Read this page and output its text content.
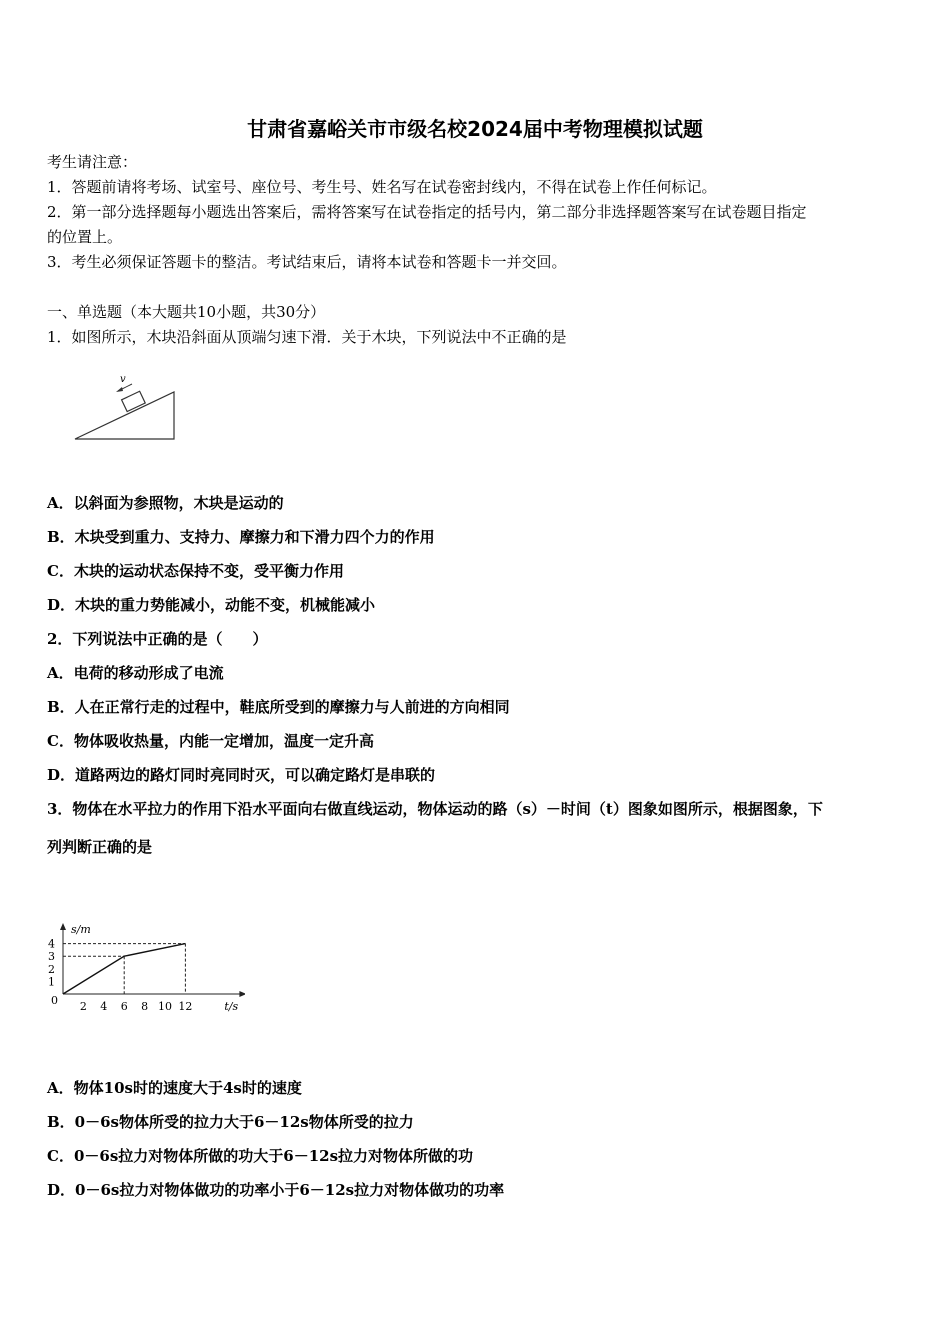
甘肃省嘉峪关市市级名校2024届中考物理模拟试题
考生请注意：
1．答题前请将考场、试室号、座位号、考生号、姓名写在试卷密封线内，不得在试卷上作任何标记。
2．第一部分选择题每小题选出答案后，需将答案写在试卷指定的括号内，第二部分非选择题答案写在试卷题目指定
的位置上。
3．考生必须保证答题卡的整洁。考试结束后，请将本试卷和答题卡一并交回。
一、单选题（本大题共10小题，共30分）
1．如图所示，木块沿斜面从顶端匀速下滑．关于木块，下列说法中不正确的是
v
A．以斜面为参照物，木块是运动的
B．木块受到重力、支持力、摩擦力和下滑力四个力的作用
C．木块的运动状态保持不变，受平衡力作用
D．木块的重力势能减小，动能不变，机械能减小
2．下列说法中正确的是（　　）
A．电荷的移动形成了电流
B．人在正常行走的过程中，鞋底所受到的摩擦力与人前进的方向相同
C．物体吸收热量，内能一定增加，温度一定升高
D．道路两边的路灯同时亮同时灭，可以确定路灯是串联的
3．物体在水平拉力的作用下沿水平面向右做直线运动，物体运动的路（s）－时间（t）图象如图所示，根据图象，下
列判断正确的是
s/m
t/s
0 2 4 6 8 10 12
1
2
3
4
A．物体10s时的速度大于4s时的速度
B．0－6s物体所受的拉力大于6－12s物体所受的拉力
C．0－6s拉力对物体所做的功大于6－12s拉力对物体所做的功
D．0－6s拉力对物体做功的功率小于6－12s拉力对物体做功的功率
